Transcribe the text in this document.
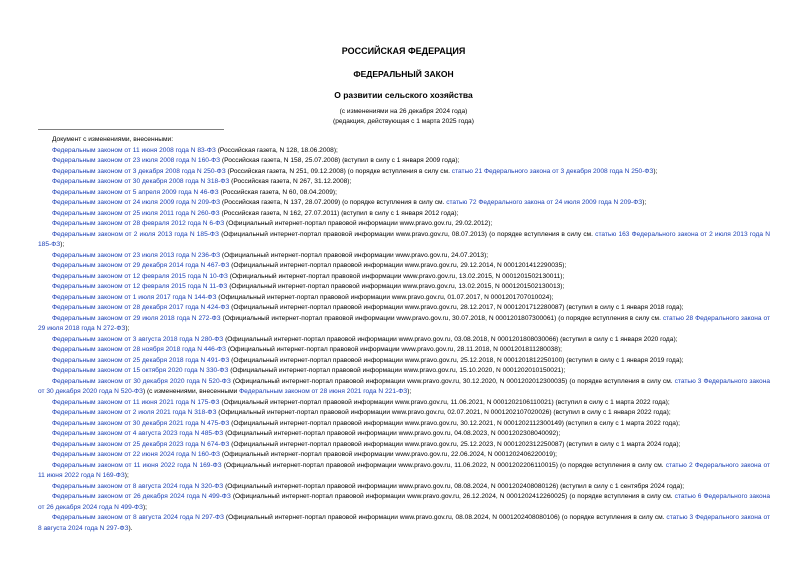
РОССИЙСКАЯ ФЕДЕРАЦИЯ
ФЕДЕРАЛЬНЫЙ ЗАКОН
О развитии сельского хозяйства
(с изменениями на 26 декабря 2024 года)
(редакция, действующая с 1 марта 2025 года)

Документ с изменениями, внесенными:

Федеральным законом от 11 июня 2008 года N 83-ФЗ (Российская газета, N 128, 18.06.2008);

Федеральным законом от 23 июля 2008 года N 160-ФЗ (Российская газета, N 158, 25.07.2008) (вступил в силу с 1 января 2009 года);

Федеральным законом от 3 декабря 2008 года N 250-ФЗ (Российская газета, N 251, 09.12.2008) (о порядке вступления в силу см. статью 21 Федерального закона от 3 декабря 2008 года N 250-ФЗ);

Федеральным законом от 30 декабря 2008 года N 318-ФЗ (Российская газета, N 267, 31.12.2008);

Федеральным законом от 5 апреля 2009 года N 46-ФЗ (Российская газета, N 60, 08.04.2009);

Федеральным законом от 24 июля 2009 года N 209-ФЗ (Российская газета, N 137, 28.07.2009) (о порядке вступления в силу см. статью 72 Федерального закона от 24 июля 2009 года N 209-ФЗ);

Федеральным законом от 25 июля 2011 года N 260-ФЗ (Российская газета, N 162, 27.07.2011) (вступил в силу с 1 января 2012 года);

Федеральным законом от 28 февраля 2012 года N 6-ФЗ (Официальный интернет-портал правовой информации www.pravo.gov.ru, 29.02.2012);

Федеральным законом от 2 июля 2013 года N 185-ФЗ (Официальный интернет-портал правовой информации www.pravo.gov.ru, 08.07.2013) (о порядке вступления в силу см. статью 163 Федерального закона от 2 июля 2013 года N 185-ФЗ);

Федеральным законом от 23 июля 2013 года N 236-ФЗ (Официальный интернет-портал правовой информации www.pravo.gov.ru, 24.07.2013);

Федеральным законом от 29 декабря 2014 года N 467-ФЗ (Официальный интернет-портал правовой информации www.pravo.gov.ru, 29.12.2014, N 0001201412290035);

Федеральным законом от 12 февраля 2015 года N 10-ФЗ (Официальный интернет-портал правовой информации www.pravo.gov.ru, 13.02.2015, N 0001201502130011);

Федеральным законом от 12 февраля 2015 года N 11-ФЗ (Официальный интернет-портал правовой информации www.pravo.gov.ru, 13.02.2015, N 0001201502130013);

Федеральным законом от 1 июля 2017 года N 144-ФЗ (Официальный интернет-портал правовой информации www.pravo.gov.ru, 01.07.2017, N 0001201707010024);

Федеральным законом от 28 декабря 2017 года N 424-ФЗ (Официальный интернет-портал правовой информации www.pravo.gov.ru, 28.12.2017, N 0001201712280087) (вступил в силу с 1 января 2018 года);

Федеральным законом от 29 июля 2018 года N 272-ФЗ (Официальный интернет-портал правовой информации www.pravo.gov.ru, 30.07.2018, N 0001201807300061) (о порядке вступления в силу см. статью 28 Федерального закона от 29 июля 2018 года N 272-ФЗ);

Федеральным законом от 3 августа 2018 года N 280-ФЗ (Официальный интернет-портал правовой информации www.pravo.gov.ru, 03.08.2018, N 0001201808030066) (вступил в силу с 1 января 2020 года);

Федеральным законом от 28 ноября 2018 года N 446-ФЗ (Официальный интернет-портал правовой информации www.pravo.gov.ru, 28.11.2018, N 0001201811280038);

Федеральным законом от 25 декабря 2018 года N 491-ФЗ (Официальный интернет-портал правовой информации www.pravo.gov.ru, 25.12.2018, N 0001201812250100) (вступил в силу с 1 января 2019 года);

Федеральным законом от 15 октября 2020 года N 330-ФЗ (Официальный интернет-портал правовой информации www.pravo.gov.ru, 15.10.2020, N 0001202010150021);

Федеральным законом от 30 декабря 2020 года N 520-ФЗ (Официальный интернет-портал правовой информации www.pravo.gov.ru, 30.12.2020, N 0001202012300035) (о порядке вступления в силу см. статью 3 Федерального закона от 30 декабря 2020 года N 520-ФЗ) (с изменениями, внесенными Федеральным законом от 28 июня 2021 года N 221-ФЗ);

Федеральным законом от 11 июня 2021 года N 175-ФЗ (Официальный интернет-портал правовой информации www.pravo.gov.ru, 11.06.2021, N 0001202106110021) (вступил в силу с 1 марта 2022 года);

Федеральным законом от 2 июля 2021 года N 318-ФЗ (Официальный интернет-портал правовой информации www.pravo.gov.ru, 02.07.2021, N 0001202107020026) (вступил в силу с 1 января 2022 года);

Федеральным законом от 30 декабря 2021 года N 475-ФЗ (Официальный интернет-портал правовой информации www.pravo.gov.ru, 30.12.2021, N 0001202112300149) (вступил в силу с 1 марта 2022 года);

Федеральным законом от 4 августа 2023 года N 485-ФЗ (Официальный интернет-портал правовой информации www.pravo.gov.ru, 04.08.2023, N 0001202308040092);

Федеральным законом от 25 декабря 2023 года N 674-ФЗ (Официальный интернет-портал правовой информации www.pravo.gov.ru, 25.12.2023, N 0001202312250087) (вступил в силу с 1 марта 2024 года);

Федеральным законом от 22 июня 2024 года N 160-ФЗ (Официальный интернет-портал правовой информации www.pravo.gov.ru, 22.06.2024, N 0001202406220019);

Федеральным законом от 11 июня 2022 года N 169-ФЗ (Официальный интернет-портал правовой информации www.pravo.gov.ru, 11.06.2022, N 0001202206110015) (о порядке вступления в силу см. статью 2 Федерального закона от 11 июня 2022 года N 169-ФЗ);

Федеральным законом от 8 августа 2024 года N 320-ФЗ (Официальный интернет-портал правовой информации www.pravo.gov.ru, 08.08.2024, N 0001202408080126) (вступил в силу с 1 сентября 2024 года);

Федеральным законом от 26 декабря 2024 года N 499-ФЗ (Официальный интернет-портал правовой информации www.pravo.gov.ru, 26.12.2024, N 0001202412260025) (о порядке вступления в силу см. статью 6 Федерального закона от 26 декабря 2024 года N 499-ФЗ);

Федеральным законом от 8 августа 2024 года N 297-ФЗ (Официальный интернет-портал правовой информации www.pravo.gov.ru, 08.08.2024, N 0001202408080106) (о порядке вступления в силу см. статью 3 Федерального закона от 8 августа 2024 года N 297-ФЗ).
